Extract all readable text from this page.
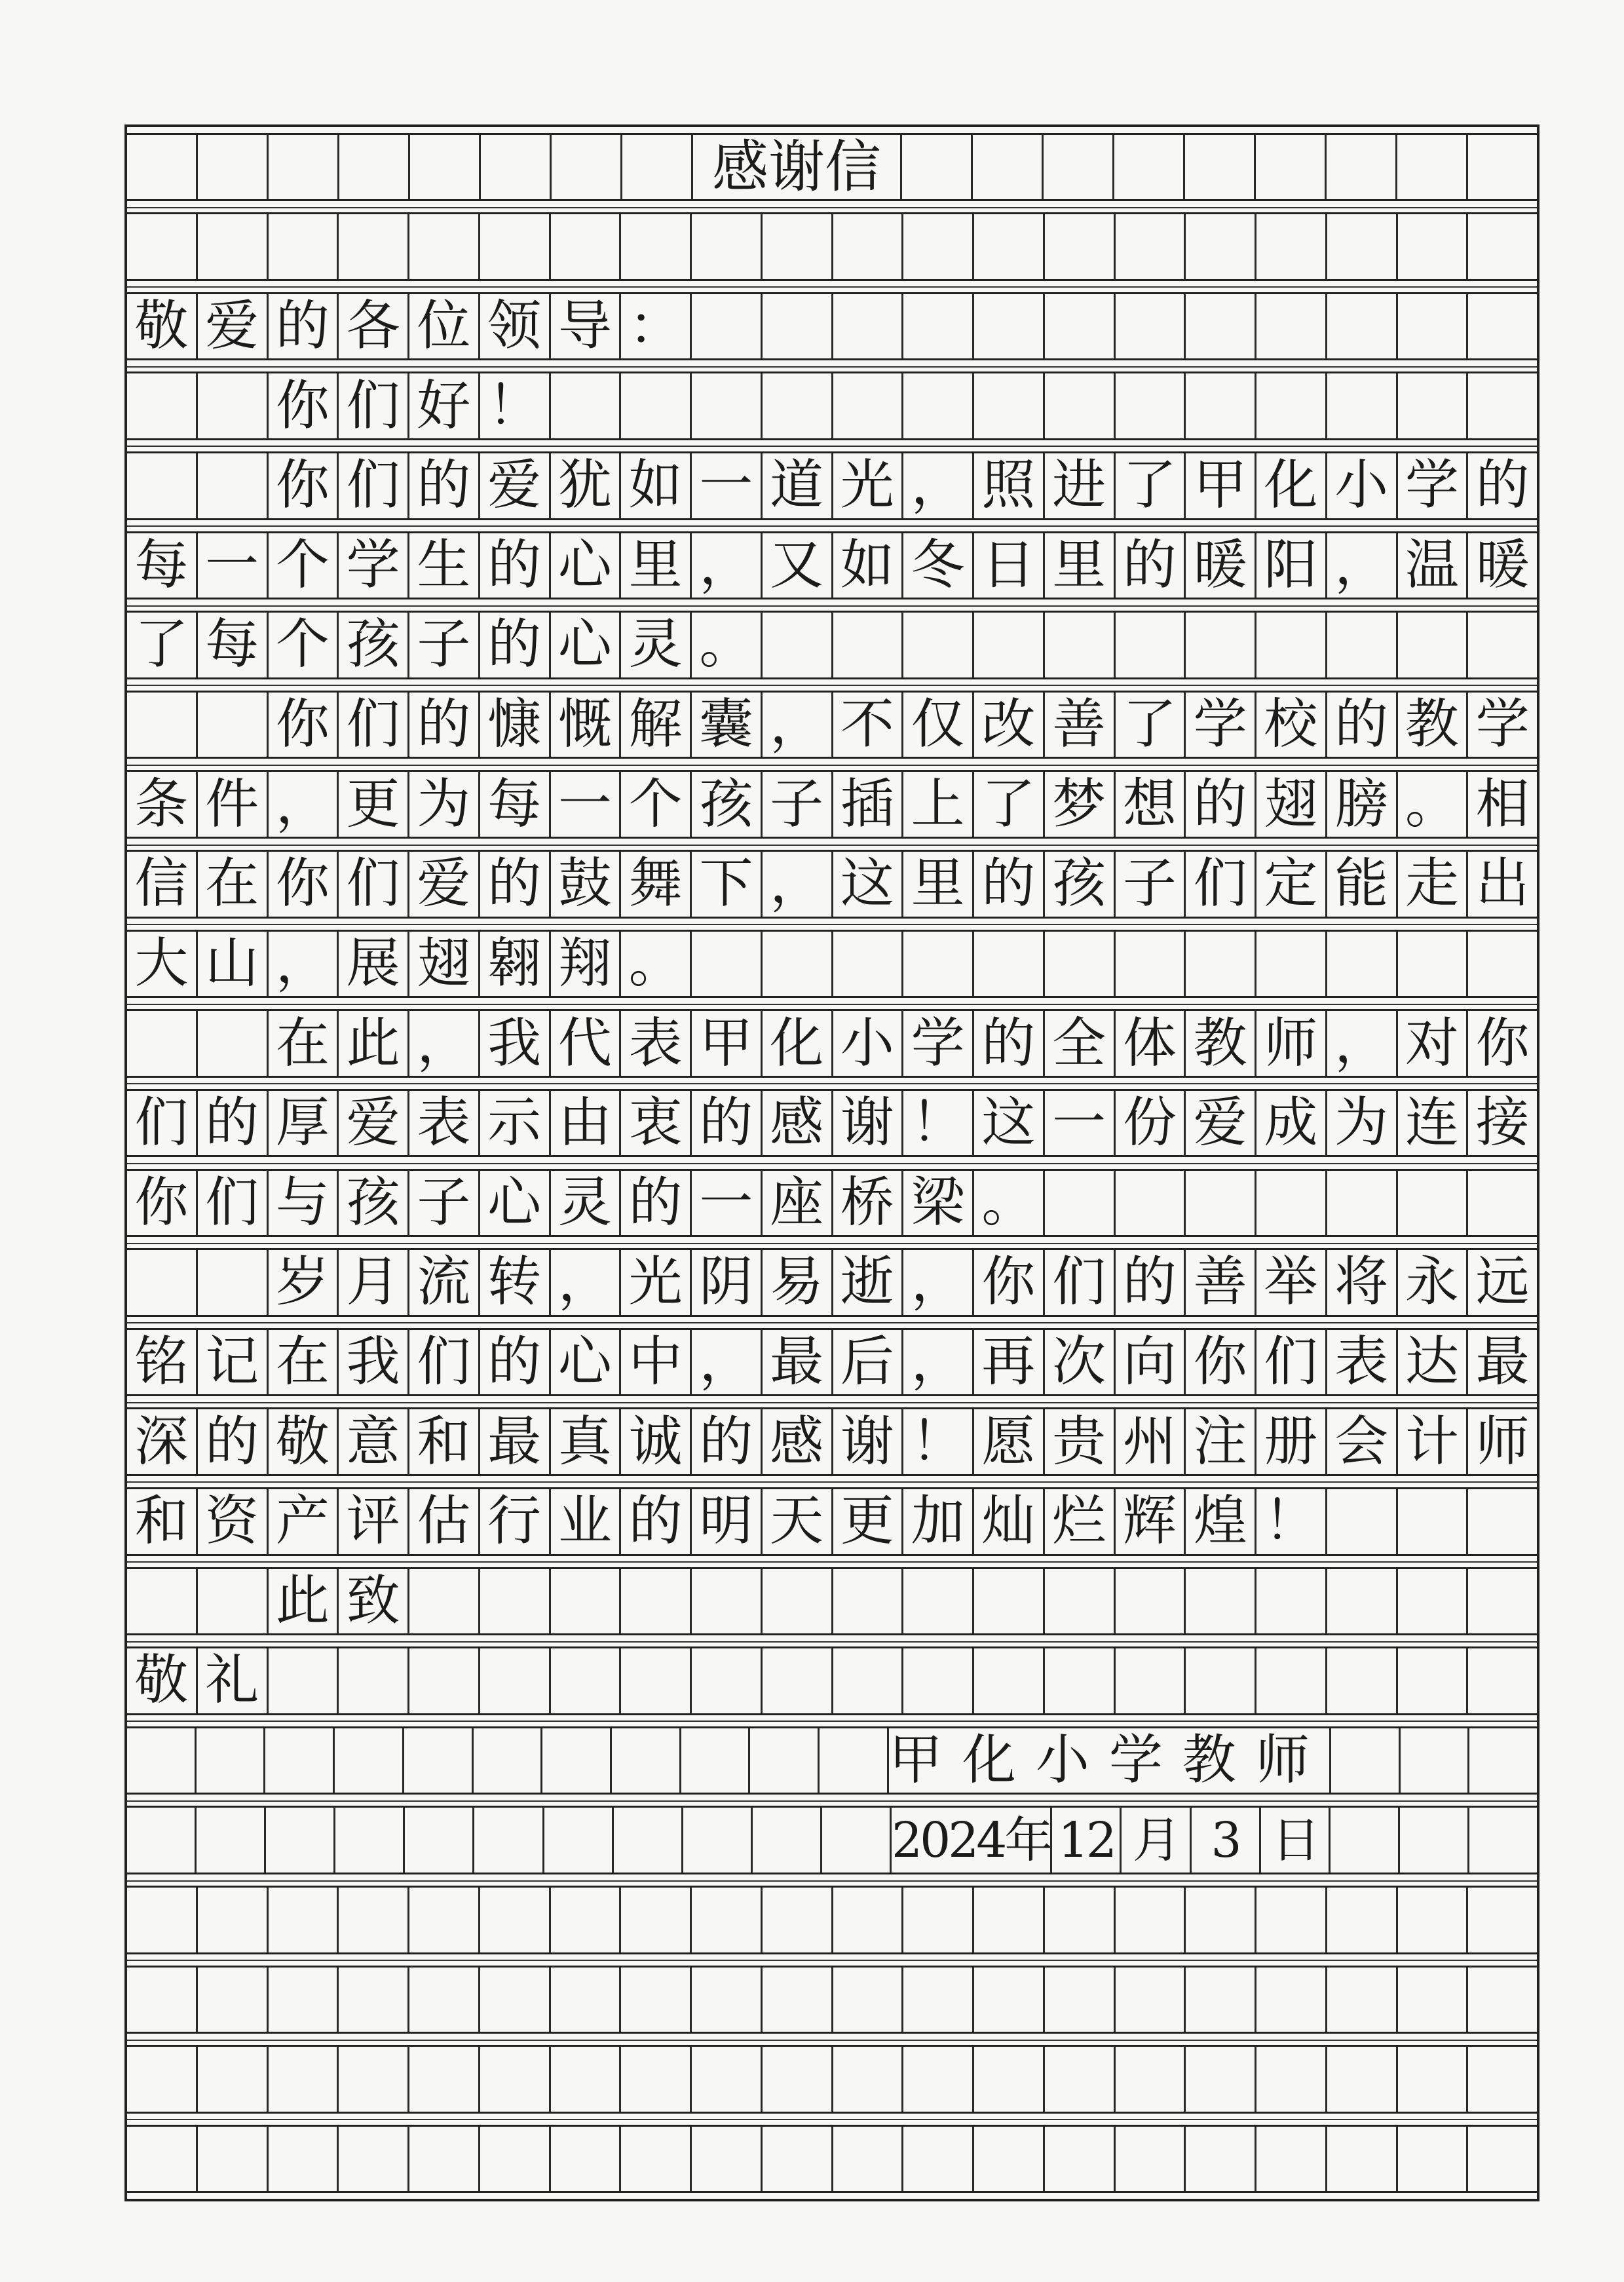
感谢信
敬 爱 的 各 位 领 导 ：
你 们 好 ！
你 们 的 爱 犹 如 一 道 光 ， 照 进 了 甲 化 小 学 的
每 一 个 学 生 的 心 里 ， 又 如 冬 日 里 的 暖 阳 ， 温 暖
了 每 个 孩 子 的 心 灵 。
你 们 的 慷 慨 解 囊 ， 不 仅 改 善 了 学 校 的 教 学
条 件 ， 更 为 每 一 个 孩 子 插 上 了 梦 想 的 翅 膀 。 相
信 在 你 们 爱 的 鼓 舞 下 ， 这 里 的 孩 子 们 定 能 走 出
大 山 ， 展 翅 翱 翔 。
在 此 ， 我 代 表 甲 化 小 学 的 全 体 教 师 ， 对 你
们 的 厚 爱 表 示 由 衷 的 感 谢 ！ 这 一 份 爱 成 为 连 接
你 们 与 孩 子 心 灵 的 一 座 桥 梁 。
岁 月 流 转 ， 光 阴 易 逝 ， 你 们 的 善 举 将 永 远
铭 记 在 我 们 的 心 中 ， 最 后 ， 再 次 向 你 们 表 达 最
深 的 敬 意 和 最 真 诚 的 感 谢 ！ 愿 贵 州 注 册 会 计 师
和 资 产 评 估 行 业 的 明 天 更 加 灿 烂 辉 煌 ！
此 致
敬 礼
甲化小学教师
2024年 12 月 3 日
